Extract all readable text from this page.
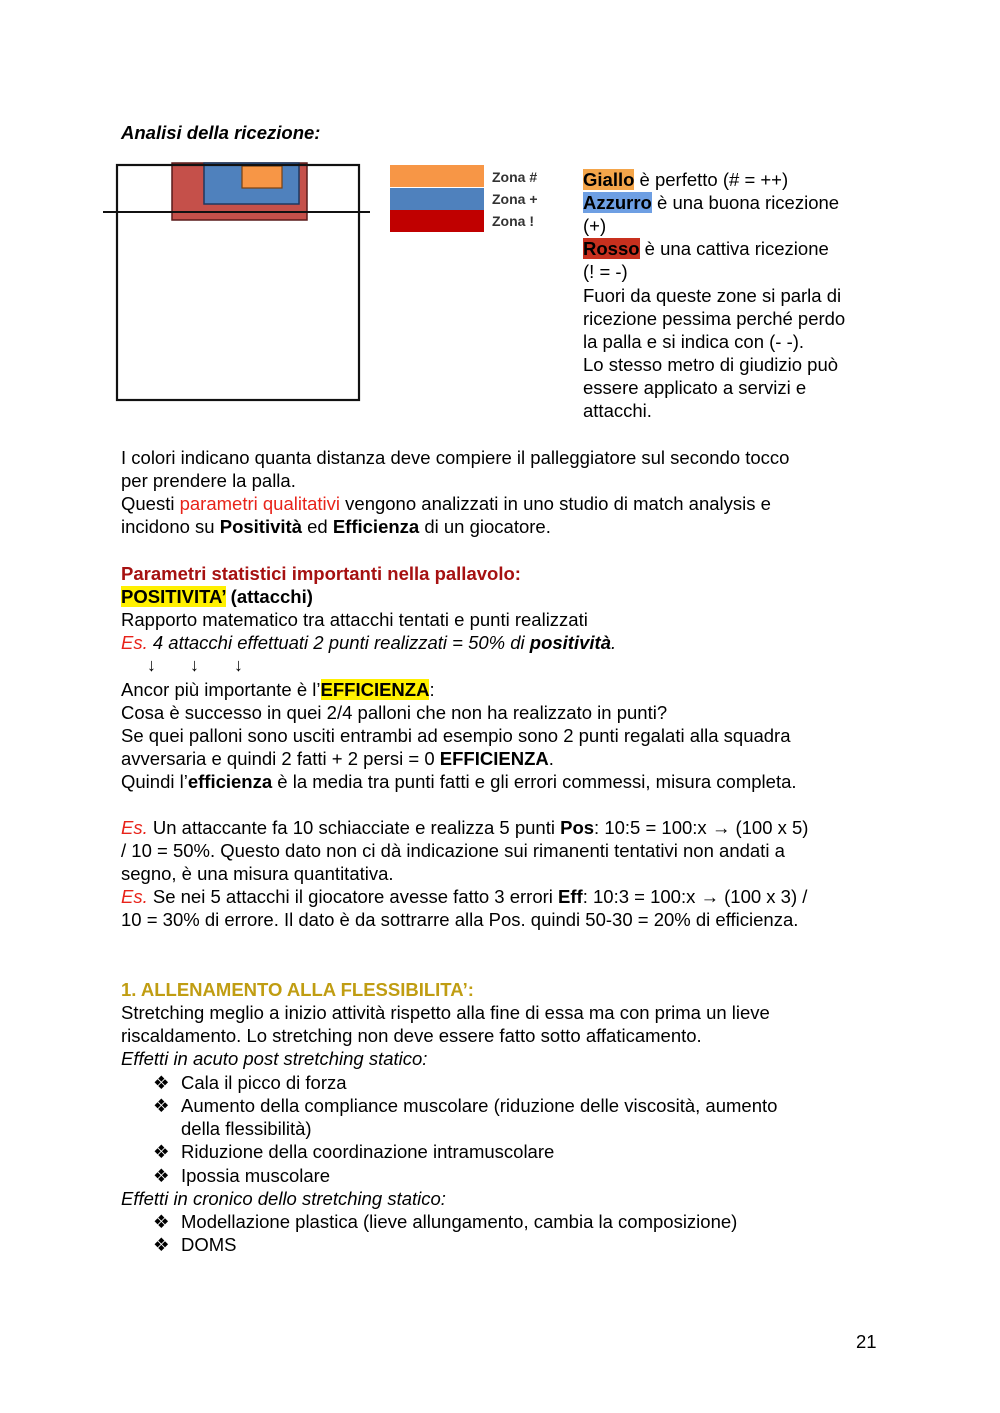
Analisi della ricezione:
Zona #
Zona +
Zona !
Giallo è perfetto (# = ++)
Azzurro è una buona ricezione
(+)
Rosso è una cattiva ricezione
(! = -)
Fuori da queste zone si parla di
ricezione pessima perché perdo
la palla e si indica con (- -).
Lo stesso metro di giudizio può
essere applicato a servizi e
attacchi.
I colori indicano quanta distanza deve compiere il palleggiatore sul secondo tocco
per prendere la palla.
Questi parametri qualitativi vengono analizzati in uno studio di match analysis e
incidono su Positività ed Efficienza di un giocatore.
Parametri statistici importanti nella pallavolo:
POSITIVITA’ (attacchi)
Rapporto matematico tra attacchi tentati e punti realizzati
Es. 4 attacchi effettuati 2 punti realizzati = 50% di positività.
↓ ↓ ↓
Ancor più importante è l’EFFICIENZA:
Cosa è successo in quei 2/4 palloni che non ha realizzato in punti?
Se quei palloni sono usciti entrambi ad esempio sono 2 punti regalati alla squadra
avversaria e quindi 2 fatti + 2 persi = 0 EFFICIENZA.
Quindi l’efficienza è la media tra punti fatti e gli errori commessi, misura completa.
Es. Un attaccante fa 10 schiacciate e realizza 5 punti Pos: 10:5 = 100:x → (100 x 5)
/ 10 = 50%. Questo dato non ci dà indicazione sui rimanenti tentativi non andati a
segno, è una misura quantitativa.
Es. Se nei 5 attacchi il giocatore avesse fatto 3 errori Eff: 10:3 = 100:x → (100 x 3) /
10 = 30% di errore. Il dato è da sottrarre alla Pos. quindi 50-30 = 20% di efficienza.
1. ALLENAMENTO ALLA FLESSIBILITA’:
Stretching meglio a inizio attività rispetto alla fine di essa ma con prima un lieve
riscaldamento. Lo stretching non deve essere fatto sotto affaticamento.
Effetti in acuto post stretching statico:
❖ Cala il picco di forza
❖ Aumento della compliance muscolare (riduzione delle viscosità, aumento
della flessibilità)
❖ Riduzione della coordinazione intramuscolare
❖ Ipossia muscolare
Effetti in cronico dello stretching statico:
❖ Modellazione plastica (lieve allungamento, cambia la composizione)
❖ DOMS
21
